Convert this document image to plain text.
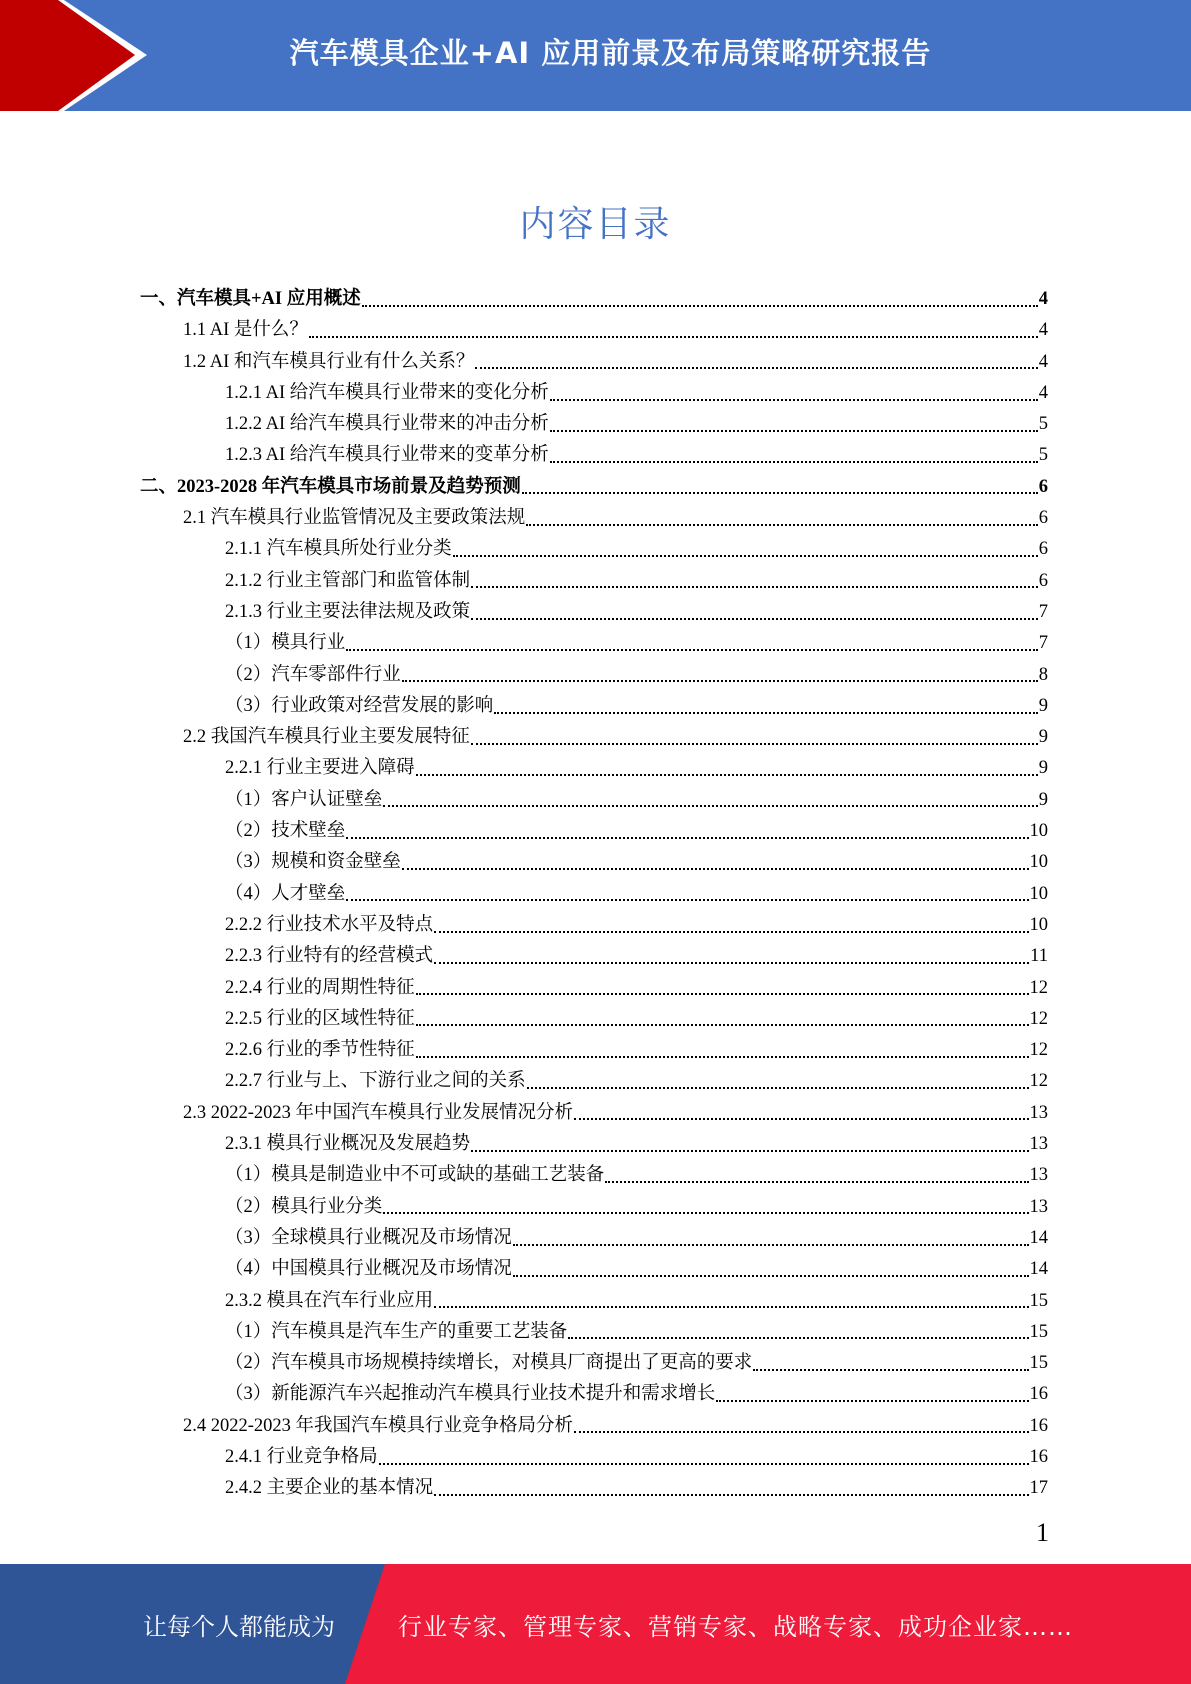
汽车模具企业+AI 应用前景及布局策略研究报告
内容目录
一、汽车模具+AI 应用概述	4
1.1 AI 是什么？	4
1.2 AI 和汽车模具行业有什么关系？	4
1.2.1 AI 给汽车模具行业带来的变化分析	4
1.2.2 AI 给汽车模具行业带来的冲击分析	5
1.2.3 AI 给汽车模具行业带来的变革分析	5
二、2023-2028 年汽车模具市场前景及趋势预测	6
2.1 汽车模具行业监管情况及主要政策法规	6
2.1.1 汽车模具所处行业分类	6
2.1.2 行业主管部门和监管体制	6
2.1.3 行业主要法律法规及政策	7
（1）模具行业	7
（2）汽车零部件行业	8
（3）行业政策对经营发展的影响	9
2.2 我国汽车模具行业主要发展特征	9
2.2.1 行业主要进入障碍	9
（1）客户认证壁垒	9
（2）技术壁垒	10
（3）规模和资金壁垒	10
（4）人才壁垒	10
2.2.2 行业技术水平及特点	10
2.2.3 行业特有的经营模式	11
2.2.4 行业的周期性特征	12
2.2.5 行业的区域性特征	12
2.2.6 行业的季节性特征	12
2.2.7 行业与上、下游行业之间的关系	12
2.3 2022-2023 年中国汽车模具行业发展情况分析	13
2.3.1 模具行业概况及发展趋势	13
（1）模具是制造业中不可或缺的基础工艺装备	13
（2）模具行业分类	13
（3）全球模具行业概况及市场情况	14
（4）中国模具行业概况及市场情况	14
2.3.2 模具在汽车行业应用	15
（1）汽车模具是汽车生产的重要工艺装备	15
（2）汽车模具市场规模持续增长，对模具厂商提出了更高的要求	15
（3）新能源汽车兴起推动汽车模具行业技术提升和需求增长	16
2.4 2022-2023 年我国汽车模具行业竞争格局分析	16
2.4.1 行业竞争格局	16
2.4.2 主要企业的基本情况	17
1
让每个人都能成为	行业专家、管理专家、营销专家、战略专家、成功企业家……
